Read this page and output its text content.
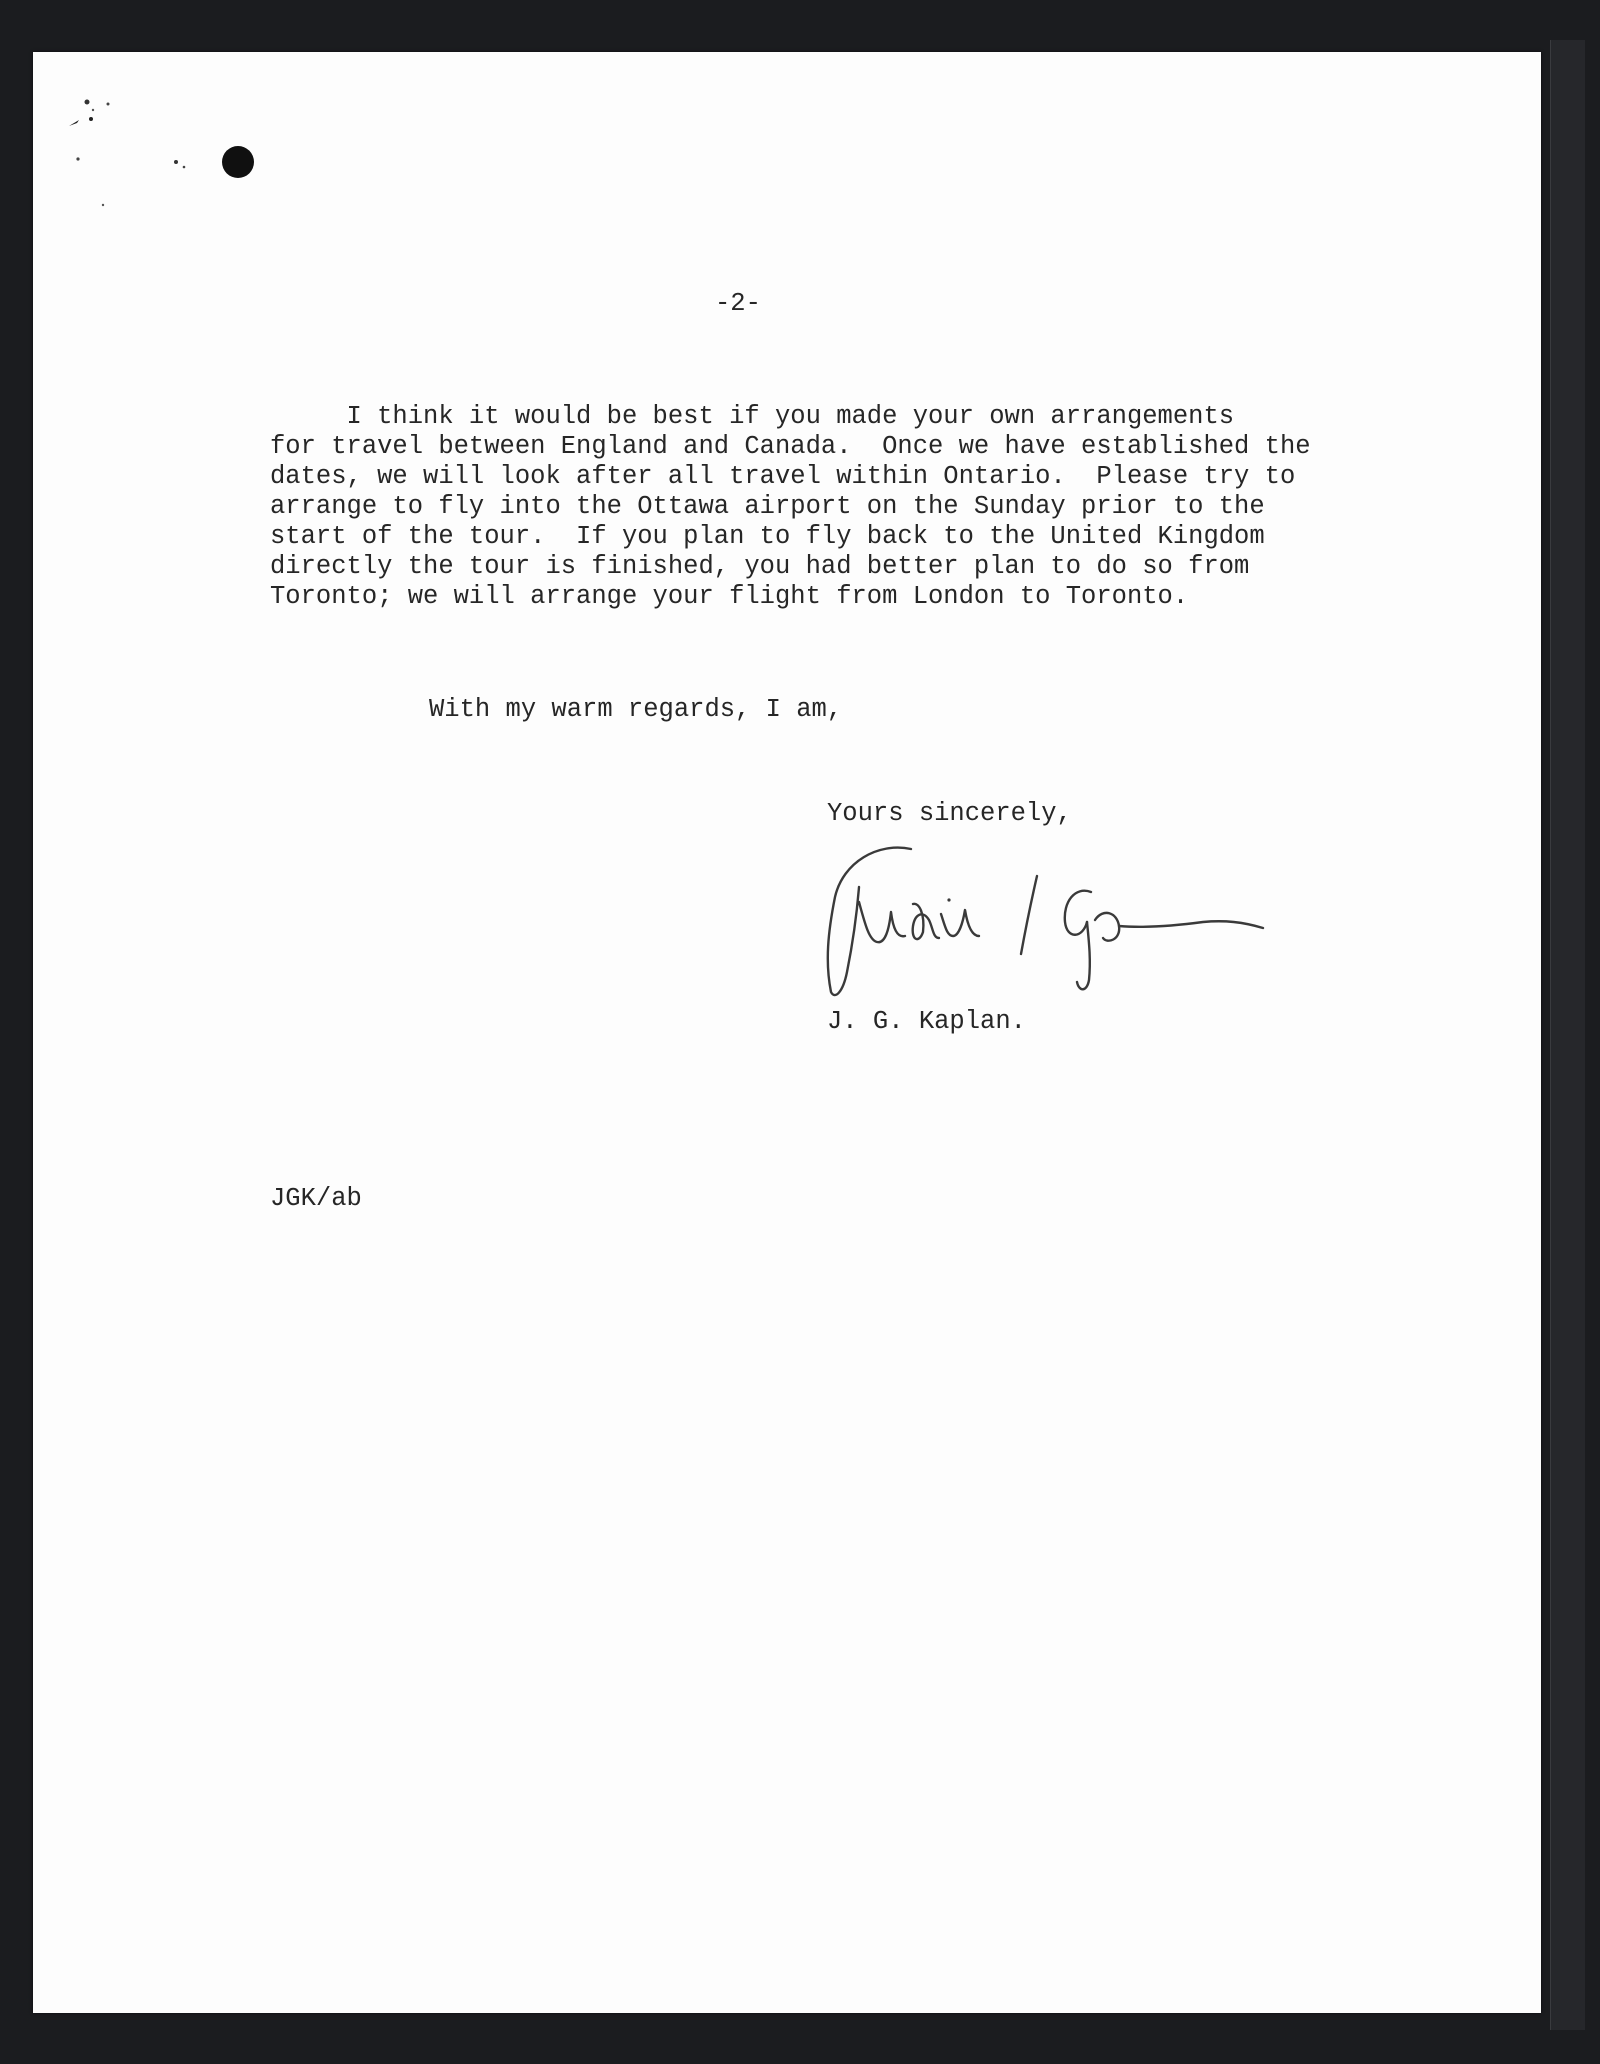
-2-
I think it would be best if you made your own arrangements
for travel between England and Canada.  Once we have established the
dates, we will look after all travel within Ontario.  Please try to
arrange to fly into the Ottawa airport on the Sunday prior to the
start of the tour.  If you plan to fly back to the United Kingdom
directly the tour is finished, you had better plan to do so from
Toronto; we will arrange your flight from London to Toronto.
With my warm regards, I am,
Yours sincerely,
J. G. Kaplan.
JGK/ab
